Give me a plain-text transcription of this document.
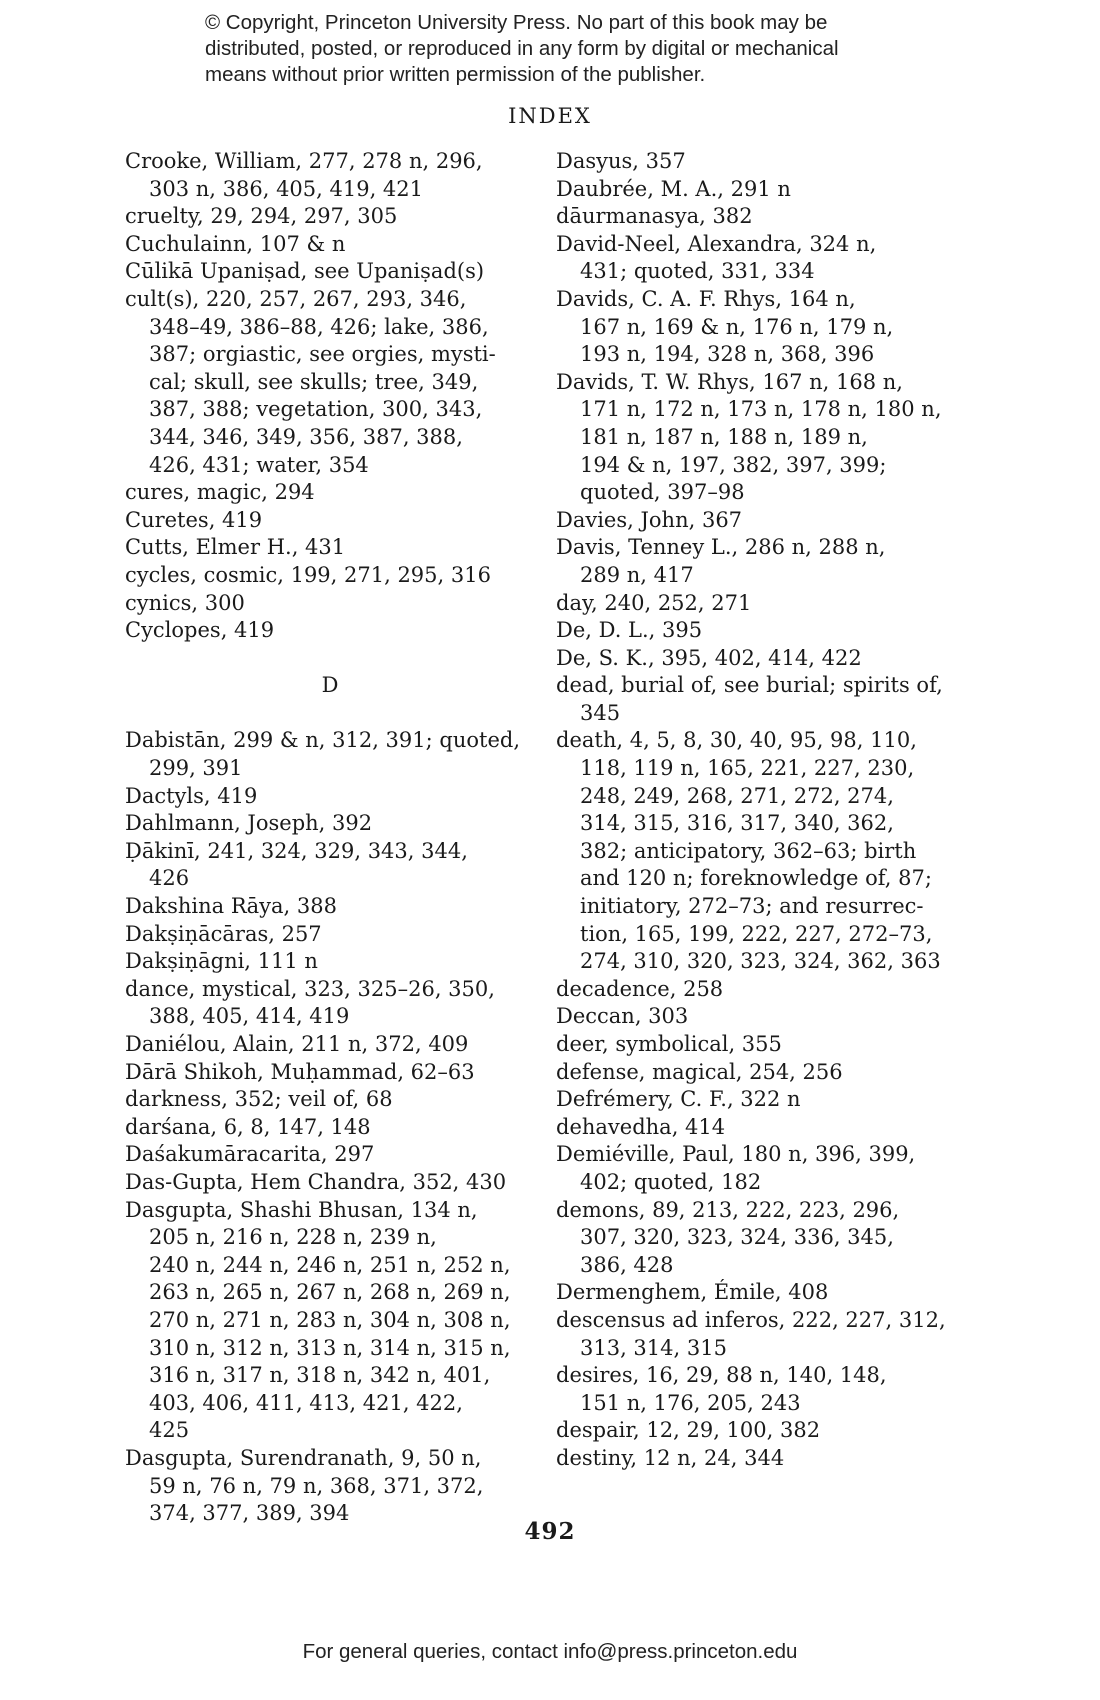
© Copyright, Princeton University Press. No part of this book may be
distributed, posted, or reproduced in any form by digital or mechanical
means without prior written permission of the publisher.
INDEX
Crooke, William, 277, 278 n, 296,
303 n, 386, 405, 419, 421
cruelty, 29, 294, 297, 305
Cuchulainn, 107 & n
Cūlikā Upaniṣad, see Upaniṣad(s)
cult(s), 220, 257, 267, 293, 346,
348–49, 386–88, 426; lake, 386,
387; orgiastic, see orgies, mysti-
cal; skull, see skulls; tree, 349,
387, 388; vegetation, 300, 343,
344, 346, 349, 356, 387, 388,
426, 431; water, 354
cures, magic, 294
Curetes, 419
Cutts, Elmer H., 431
cycles, cosmic, 199, 271, 295, 316
cynics, 300
Cyclopes, 419
D
Dabistān, 299 & n, 312, 391; quoted,
299, 391
Dactyls, 419
Dahlmann, Joseph, 392
Ḍākinī, 241, 324, 329, 343, 344,
426
Dakshina Rāya, 388
Dakṣiṇācāras, 257
Dakṣiṇāgni, 111 n
dance, mystical, 323, 325–26, 350,
388, 405, 414, 419
Daniélou, Alain, 211 n, 372, 409
Dārā Shikoh, Muḥammad, 62–63
darkness, 352; veil of, 68
darśana, 6, 8, 147, 148
Daśakumāracarita, 297
Das-Gupta, Hem Chandra, 352, 430
Dasgupta, Shashi Bhusan, 134 n,
205 n, 216 n, 228 n, 239 n,
240 n, 244 n, 246 n, 251 n, 252 n,
263 n, 265 n, 267 n, 268 n, 269 n,
270 n, 271 n, 283 n, 304 n, 308 n,
310 n, 312 n, 313 n, 314 n, 315 n,
316 n, 317 n, 318 n, 342 n, 401,
403, 406, 411, 413, 421, 422,
425
Dasgupta, Surendranath, 9, 50 n,
59 n, 76 n, 79 n, 368, 371, 372,
374, 377, 389, 394
Dasyus, 357
Daubrée, M. A., 291 n
dāurmanasya, 382
David-Neel, Alexandra, 324 n,
431; quoted, 331, 334
Davids, C. A. F. Rhys, 164 n,
167 n, 169 & n, 176 n, 179 n,
193 n, 194, 328 n, 368, 396
Davids, T. W. Rhys, 167 n, 168 n,
171 n, 172 n, 173 n, 178 n, 180 n,
181 n, 187 n, 188 n, 189 n,
194 & n, 197, 382, 397, 399;
quoted, 397–98
Davies, John, 367
Davis, Tenney L., 286 n, 288 n,
289 n, 417
day, 240, 252, 271
De, D. L., 395
De, S. K., 395, 402, 414, 422
dead, burial of, see burial; spirits of,
345
death, 4, 5, 8, 30, 40, 95, 98, 110,
118, 119 n, 165, 221, 227, 230,
248, 249, 268, 271, 272, 274,
314, 315, 316, 317, 340, 362,
382; anticipatory, 362–63; birth
and 120 n; foreknowledge of, 87;
initiatory, 272–73; and resurrec-
tion, 165, 199, 222, 227, 272–73,
274, 310, 320, 323, 324, 362, 363
decadence, 258
Deccan, 303
deer, symbolical, 355
defense, magical, 254, 256
Defrémery, C. F., 322 n
dehavedha, 414
Demiéville, Paul, 180 n, 396, 399,
402; quoted, 182
demons, 89, 213, 222, 223, 296,
307, 320, 323, 324, 336, 345,
386, 428
Dermenghem, Émile, 408
descensus ad inferos, 222, 227, 312,
313, 314, 315
desires, 16, 29, 88 n, 140, 148,
151 n, 176, 205, 243
despair, 12, 29, 100, 382
destiny, 12 n, 24, 344
492
For general queries, contact info@press.princeton.edu
